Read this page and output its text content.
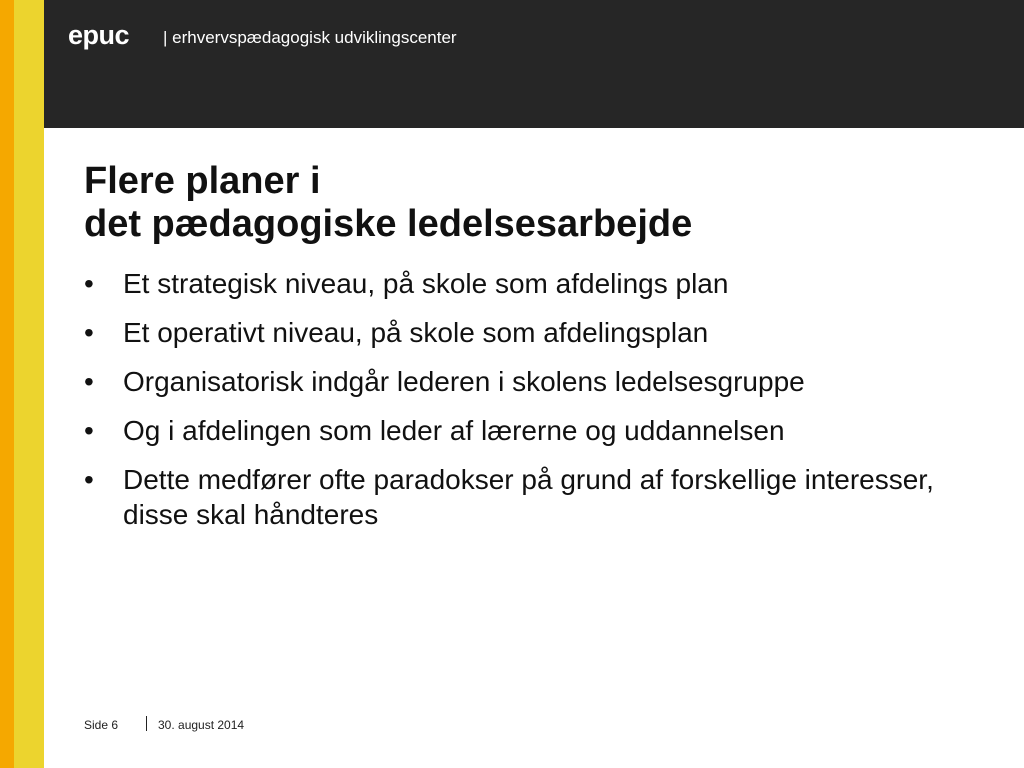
epuc | erhvervspædagogisk udviklingscenter
Flere planer i
det pædagogiske ledelsesarbejde
• Et strategisk niveau, på skole som afdelings plan
• Et operativt niveau, på skole som afdelingsplan
• Organisatorisk indgår lederen i skolens ledelsesgruppe
• Og i afdelingen som leder af lærerne og uddannelsen
• Dette medfører ofte paradokser på grund af forskellige interesser, disse skal håndteres
Side 6	30. august 2014
